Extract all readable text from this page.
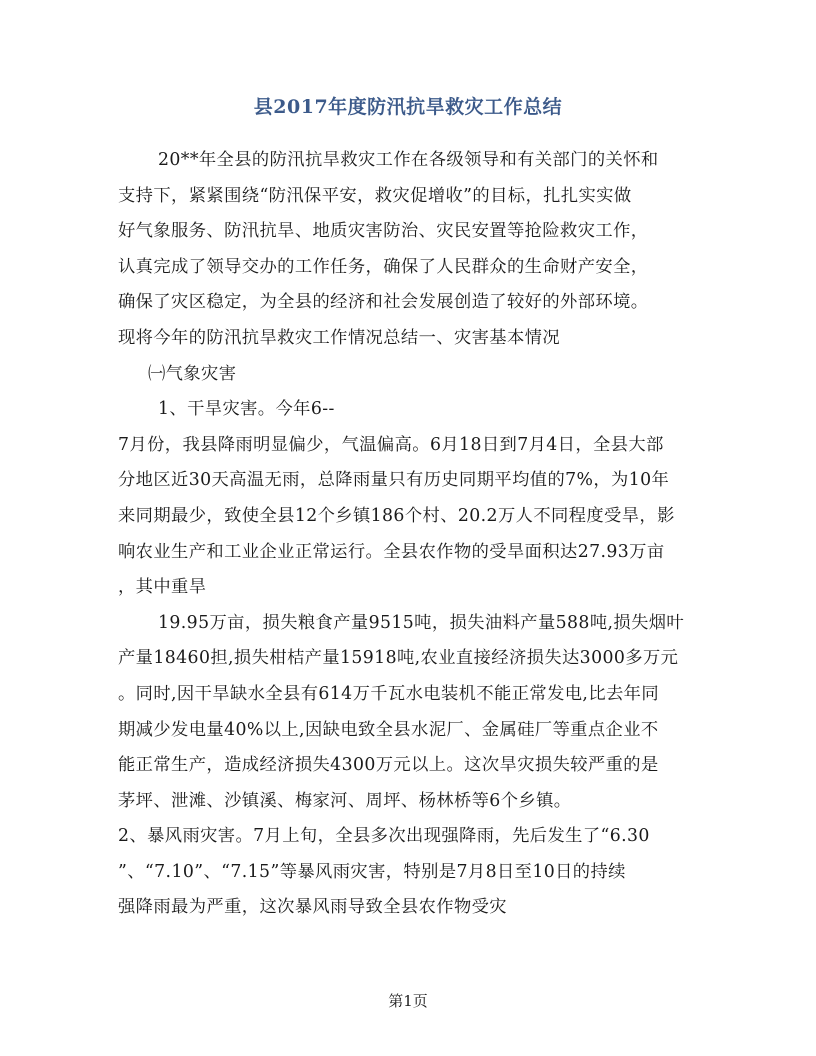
县2017年度防汛抗旱救灾工作总结
20**年全县的防汛抗旱救灾工作在各级领导和有关部门的关怀和
支持下，紧紧围绕“防汛保平安，救灾促增收”的目标，扎扎实实做
好气象服务、防汛抗旱、地质灾害防治、灾民安置等抢险救灾工作，
认真完成了领导交办的工作任务，确保了人民群众的生命财产安全，
确保了灾区稳定，为全县的经济和社会发展创造了较好的外部环境。
现将今年的防汛抗旱救灾工作情况总结一、灾害基本情况
㈠气象灾害
1、干旱灾害。今年6--
7月份，我县降雨明显偏少，气温偏高。6月18日到7月4日，全县大部
分地区近30天高温无雨，总降雨量只有历史同期平均值的7%，为10年
来同期最少，致使全县12个乡镇186个村、20.2万人不同程度受旱，影
响农业生产和工业企业正常运行。全县农作物的受旱面积达27.93万亩
，其中重旱
19.95万亩，损失粮食产量9515吨，损失油料产量588吨,损失烟叶
产量18460担,损失柑桔产量15918吨,农业直接经济损失达3000多万元
。同时,因干旱缺水全县有614万千瓦水电装机不能正常发电,比去年同
期减少发电量40%以上,因缺电致全县水泥厂、金属硅厂等重点企业不
能正常生产，造成经济损失4300万元以上。这次旱灾损失较严重的是
茅坪、泄滩、沙镇溪、梅家河、周坪、杨林桥等6个乡镇。
2、暴风雨灾害。7月上旬，全县多次出现强降雨，先后发生了“6.30
”、“7.10”、“7.15”等暴风雨灾害，特别是7月8日至10日的持续
强降雨最为严重，这次暴风雨导致全县农作物受灾
第1页
